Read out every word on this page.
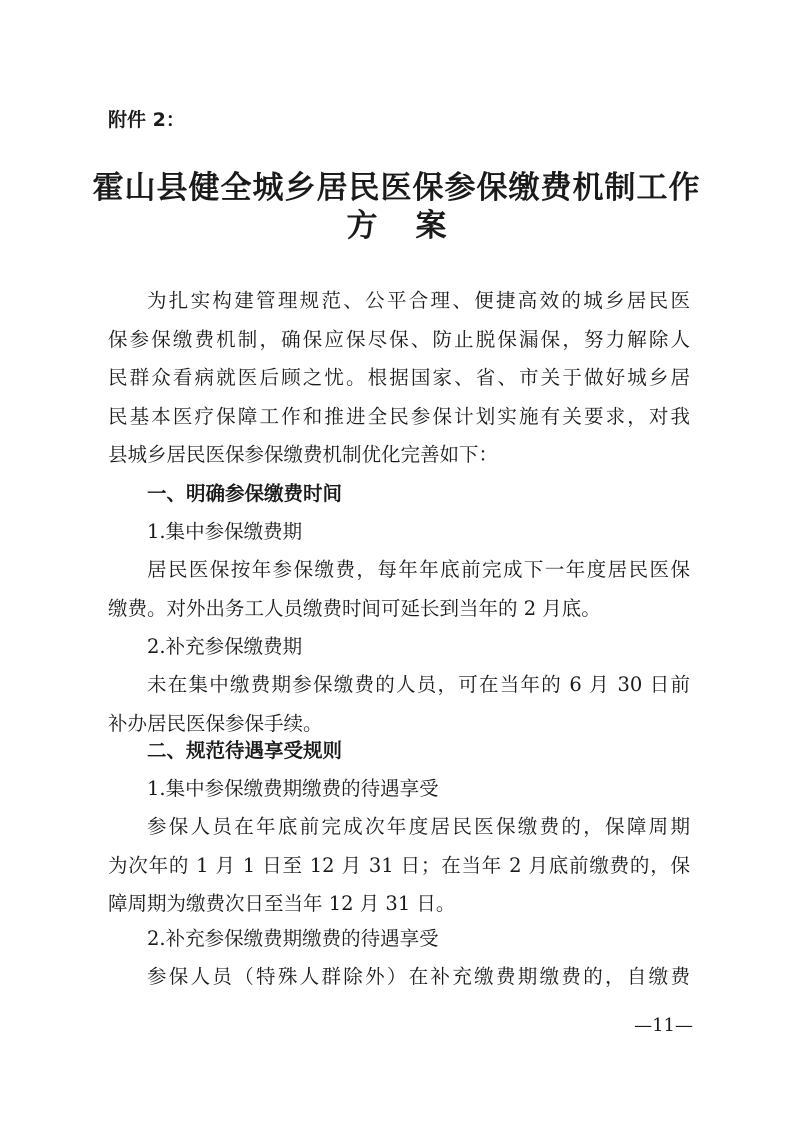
附件 2：
霍山县健全城乡居民医保参保缴费机制工作
方案
为扎实构建管理规范、公平合理、便捷高效的城乡居民医
保参保缴费机制，确保应保尽保、防止脱保漏保，努力解除人
民群众看病就医后顾之忧。根据国家、省、市关于做好城乡居
民基本医疗保障工作和推进全民参保计划实施有关要求，对我
县城乡居民医保参保缴费机制优化完善如下：
一、明确参保缴费时间
1.集中参保缴费期
居民医保按年参保缴费，每年年底前完成下一年度居民医保
缴费。对外出务工人员缴费时间可延长到当年的 2 月底。
2.补充参保缴费期
未在集中缴费期参保缴费的人员，可在当年的 6 月 30 日前
补办居民医保参保手续。
二、规范待遇享受规则
1.集中参保缴费期缴费的待遇享受
参保人员在年底前完成次年度居民医保缴费的，保障周期
为次年的 1 月 1 日至 12 月 31 日；在当年 2 月底前缴费的，保
障周期为缴费次日至当年 12 月 31 日。
2.补充参保缴费期缴费的待遇享受
参保人员（特殊人群除外）在补充缴费期缴费的，自缴费
—11—
